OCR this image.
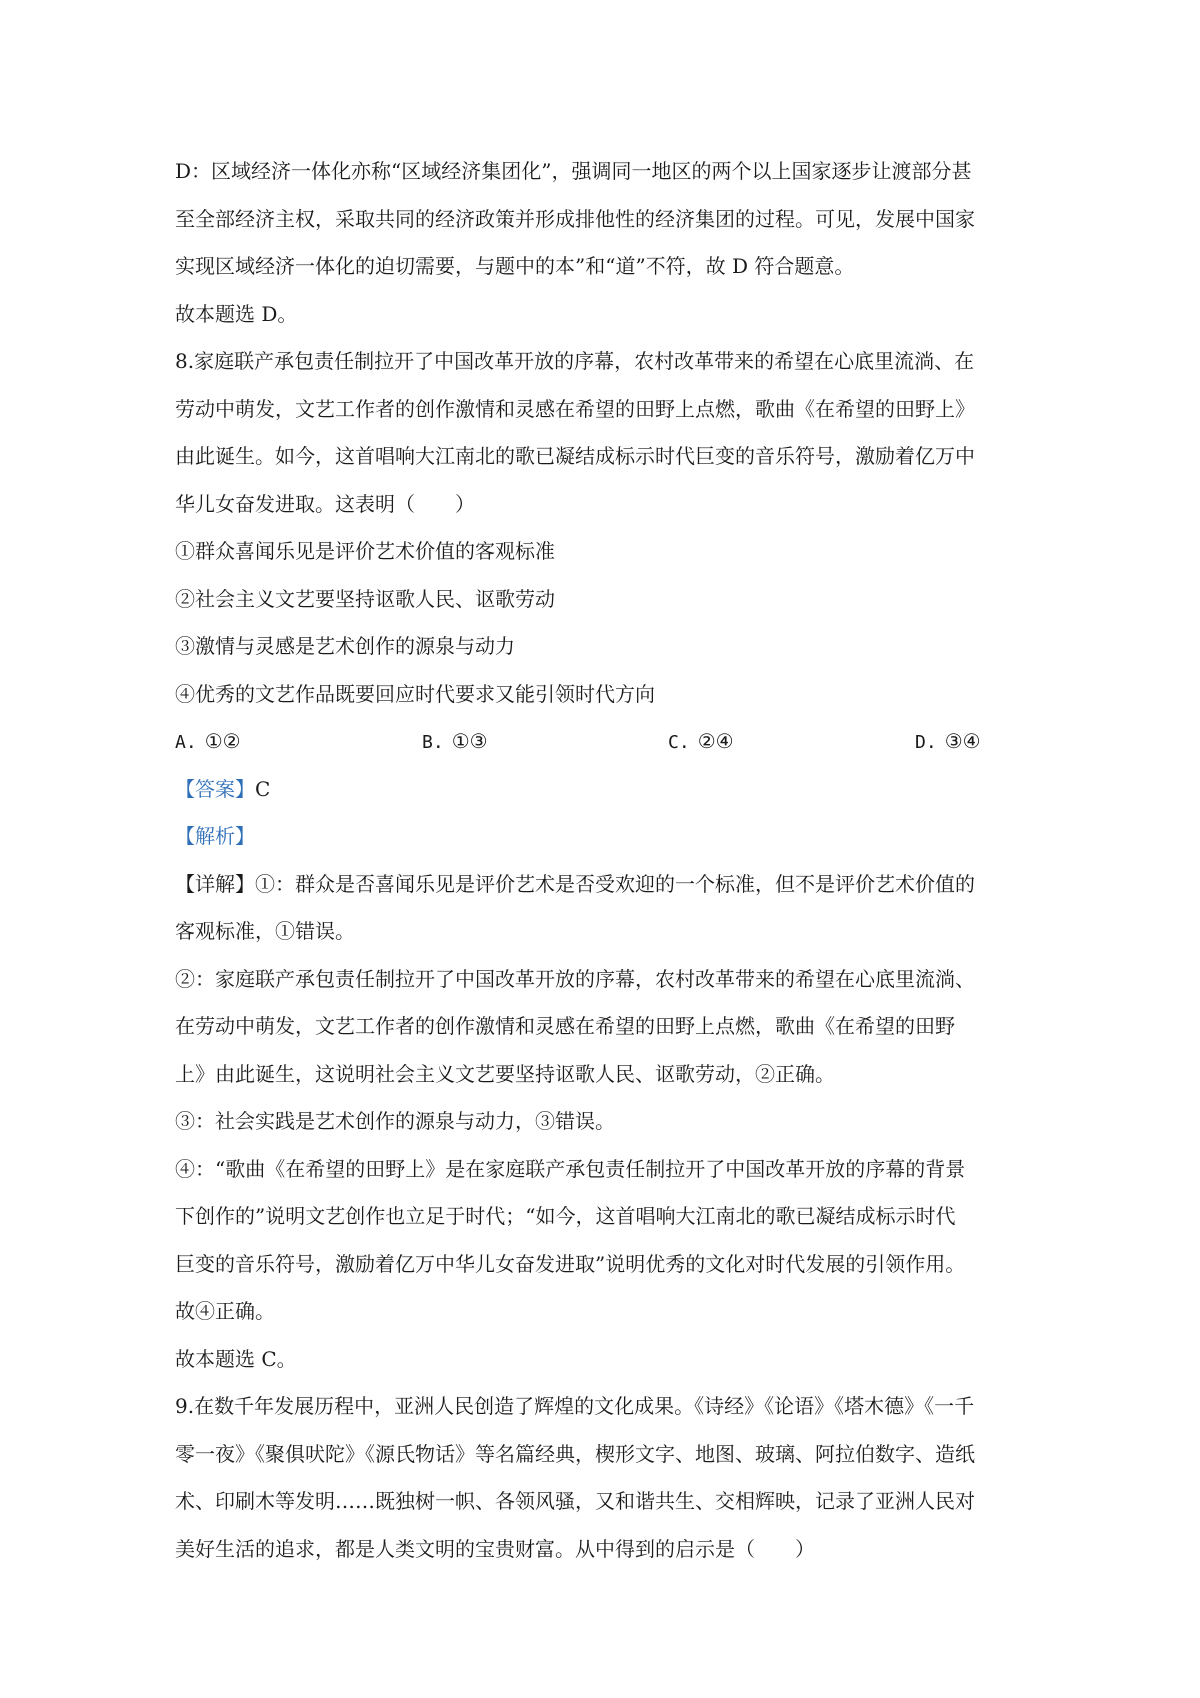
D：区域经济一体化亦称“区域经济集团化”，强调同一地区的两个以上国家逐步让渡部分甚
至全部经济主权，采取共同的经济政策并形成排他性的经济集团的过程。可见，发展中国家
实现区域经济一体化的迫切需要，与题中的本”和“道”不符，故 D 符合题意。
故本题选 D。
8.家庭联产承包责任制拉开了中国改革开放的序幕，农村改革带来的希望在心底里流淌、在
劳动中萌发，文艺工作者的创作激情和灵感在希望的田野上点燃，歌曲《在希望的田野上》
由此诞生。如今，这首唱响大江南北的歌已凝结成标示时代巨变的音乐符号，激励着亿万中
华儿女奋发进取。这表明（　　）
①群众喜闻乐见是评价艺术价值的客观标准
②社会主义文艺要坚持讴歌人民、讴歌劳动
③激情与灵感是艺术创作的源泉与动力
④优秀的文艺作品既要回应时代要求又能引领时代方向
A. ①②	B. ①③	C. ②④	D. ③④
【答案】C
【解析】
【详解】①：群众是否喜闻乐见是评价艺术是否受欢迎的一个标准，但不是评价艺术价值的
客观标准，①错误。
②：家庭联产承包责任制拉开了中国改革开放的序幕，农村改革带来的希望在心底里流淌、
在劳动中萌发，文艺工作者的创作激情和灵感在希望的田野上点燃，歌曲《在希望的田野
上》由此诞生，这说明社会主义文艺要坚持讴歌人民、讴歌劳动，②正确。
③：社会实践是艺术创作的源泉与动力，③错误。
④：“歌曲《在希望的田野上》是在家庭联产承包责任制拉开了中国改革开放的序幕的背景
下创作的”说明文艺创作也立足于时代；“如今，这首唱响大江南北的歌已凝结成标示时代
巨变的音乐符号，激励着亿万中华儿女奋发进取”说明优秀的文化对时代发展的引领作用。
故④正确。
故本题选 C。
9.在数千年发展历程中，亚洲人民创造了辉煌的文化成果。《诗经》《论语》《塔木德》《一千
零一夜》《聚俱吠陀》《源氏物话》等名篇经典，楔形文字、地图、玻璃、阿拉伯数字、造纸
术、印刷木等发明……既独树一帜、各领风骚，又和谐共生、交相辉映，记录了亚洲人民对
美好生活的追求，都是人类文明的宝贵财富。从中得到的启示是（　　）
